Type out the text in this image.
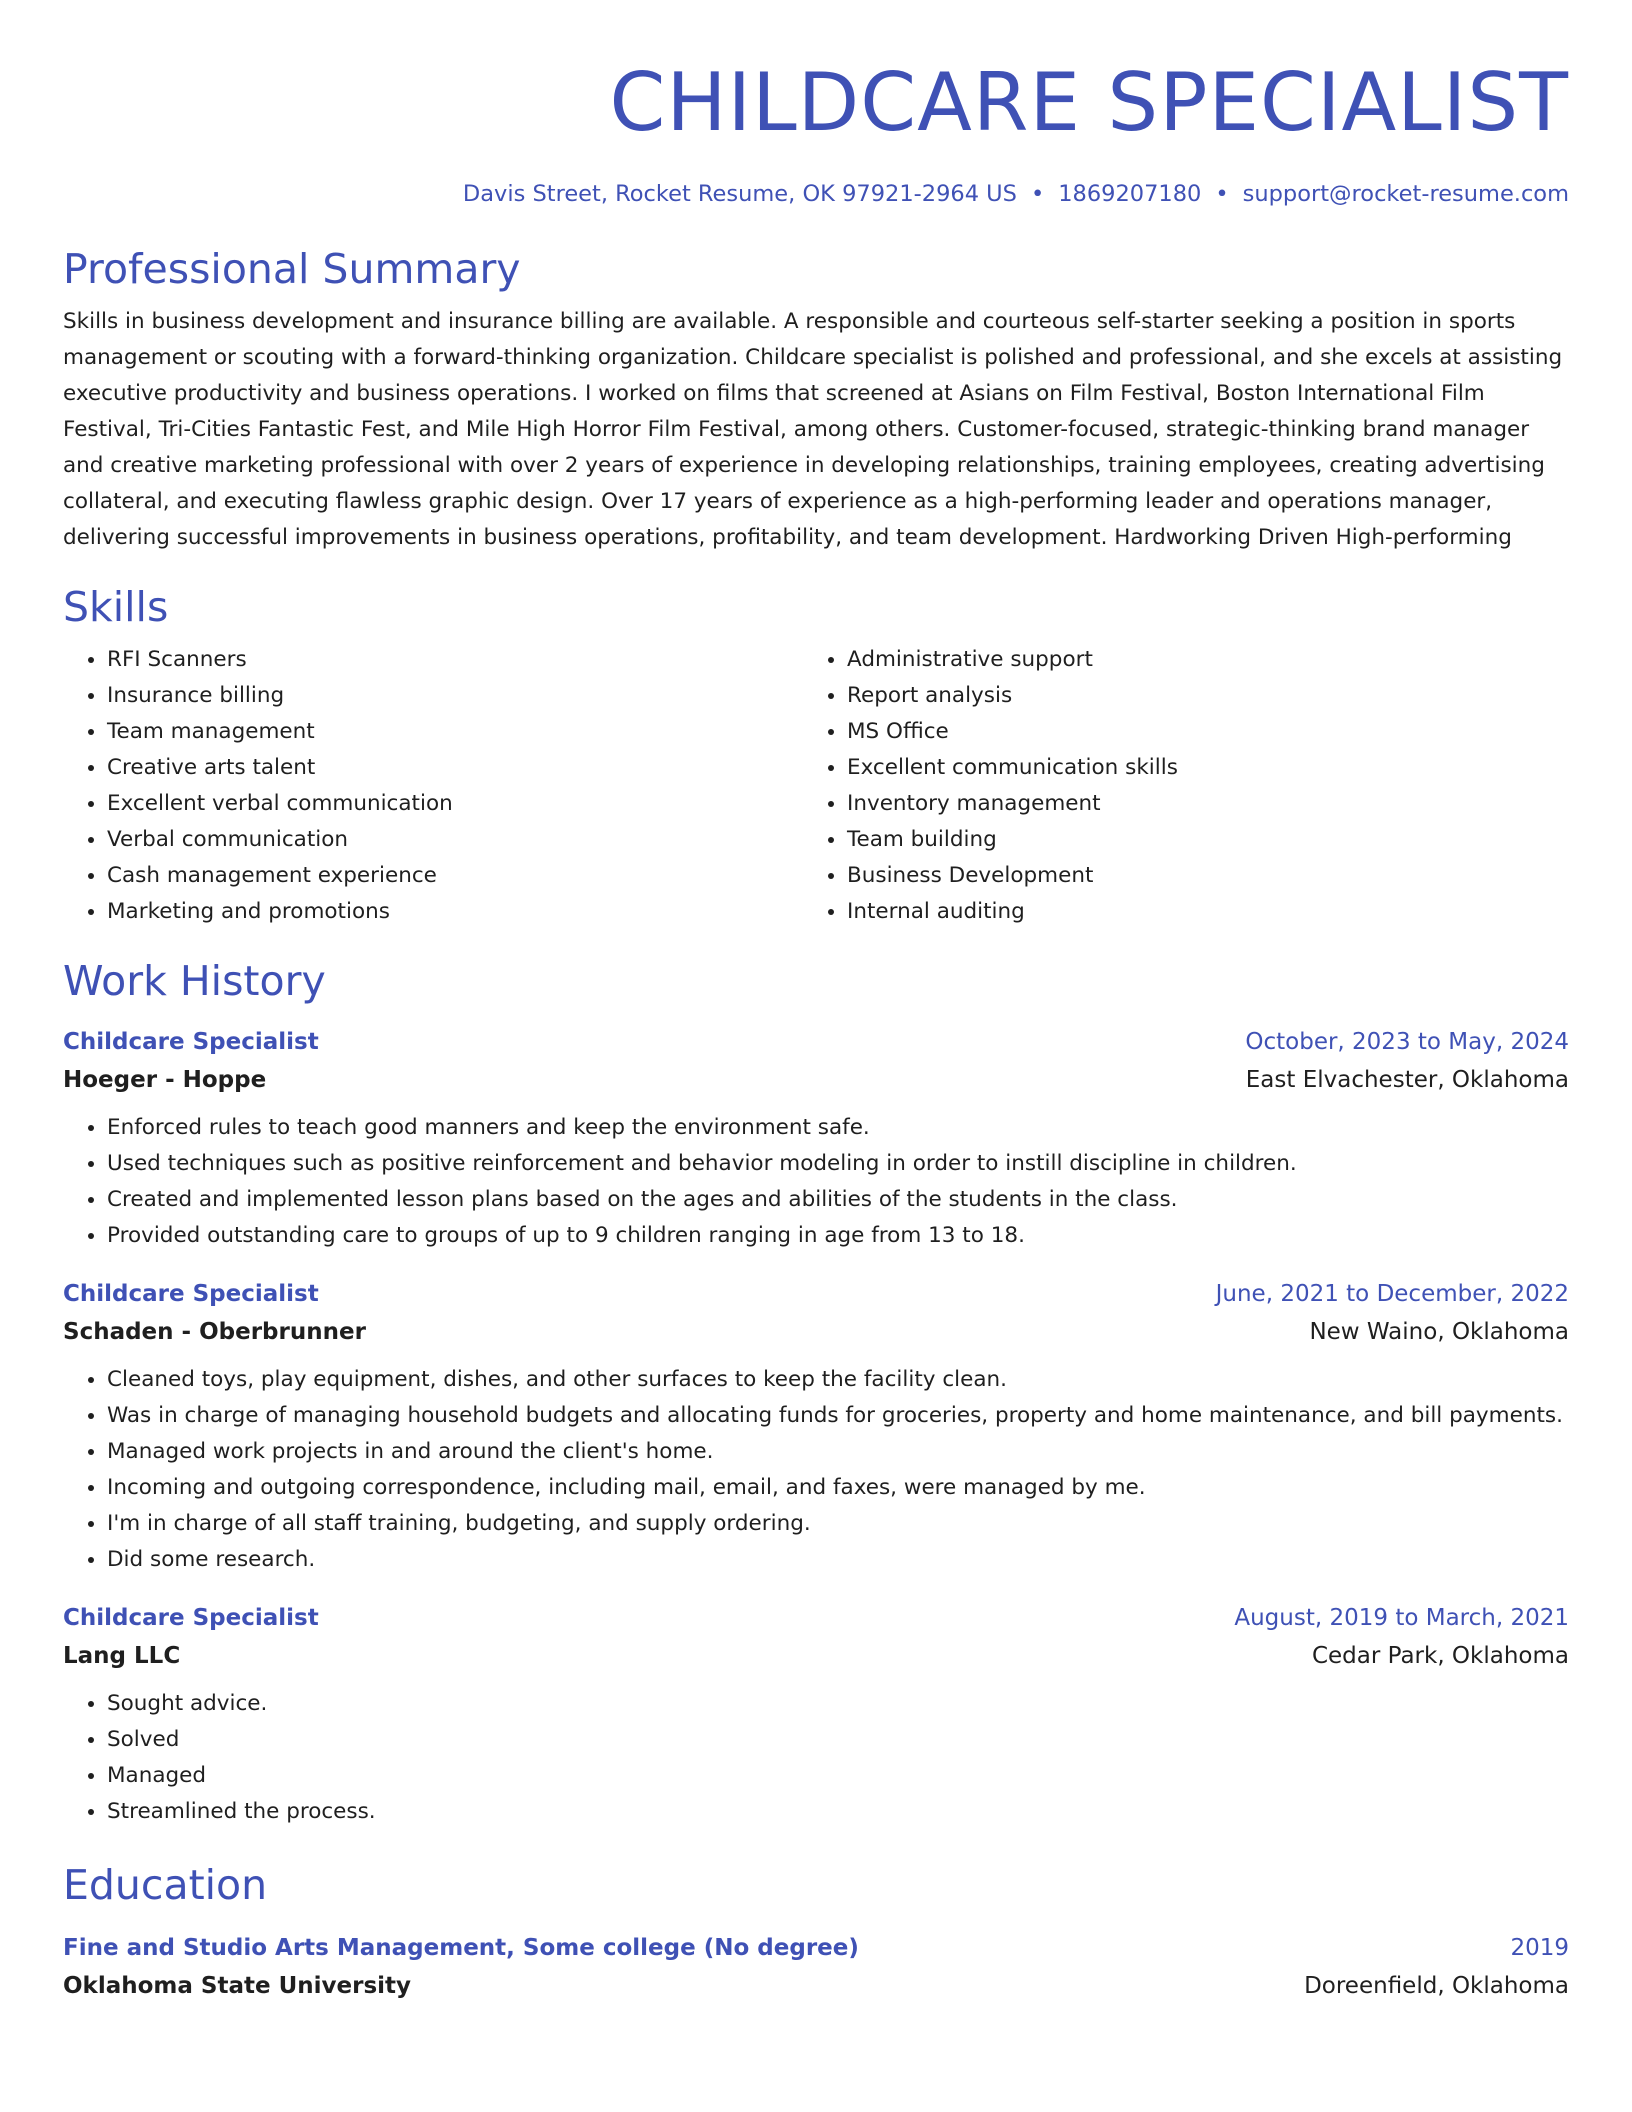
CHILDCARE SPECIALIST
Davis Street, Rocket Resume, OK 97921-2964 US • 1869207180 • support@rocket-resume.com
Professional Summary

Skills in business development and insurance billing are available. A responsible and courteous self-starter seeking a position in sports management or scouting with a forward-thinking organization. Childcare specialist is polished and professional, and she excels at assisting executive productivity and business operations. I worked on films that screened at Asians on Film Festival, Boston International Film Festival, Tri-Cities Fantastic Fest, and Mile High Horror Film Festival, among others. Customer-focused, strategic-thinking brand manager and creative marketing professional with over 2 years of experience in developing relationships, training employees, creating advertising collateral, and executing flawless graphic design. Over 17 years of experience as a high-performing leader and operations manager, delivering successful improvements in business operations, profitability, and team development. Hardworking Driven High-performing

Skills
• RFI Scanners
• Insurance billing
• Team management
• Creative arts talent
• Excellent verbal communication
• Verbal communication
• Cash management experience
• Marketing and promotions
• Administrative support
• Report analysis
• MS Office
• Excellent communication skills
• Inventory management
• Team building
• Business Development
• Internal auditing
Work History
Childcare Specialist	October, 2023 to May, 2024
Hoeger - Hoppe	East Elvachester, Oklahoma
• Enforced rules to teach good manners and keep the environment safe.
• Used techniques such as positive reinforcement and behavior modeling in order to instill discipline in children.
• Created and implemented lesson plans based on the ages and abilities of the students in the class.
• Provided outstanding care to groups of up to 9 children ranging in age from 13 to 18.
Childcare Specialist	June, 2021 to December, 2022
Schaden - Oberbrunner	New Waino, Oklahoma
• Cleaned toys, play equipment, dishes, and other surfaces to keep the facility clean.
• Was in charge of managing household budgets and allocating funds for groceries, property and home maintenance, and bill payments.
• Managed work projects in and around the client's home.
• Incoming and outgoing correspondence, including mail, email, and faxes, were managed by me.
• I'm in charge of all staff training, budgeting, and supply ordering.
• Did some research.
Childcare Specialist	August, 2019 to March, 2021
Lang LLC	Cedar Park, Oklahoma
• Sought advice.
• Solved
• Managed
• Streamlined the process.
Education
Fine and Studio Arts Management, Some college (No degree)	2019
Oklahoma State University	Doreenfield, Oklahoma
